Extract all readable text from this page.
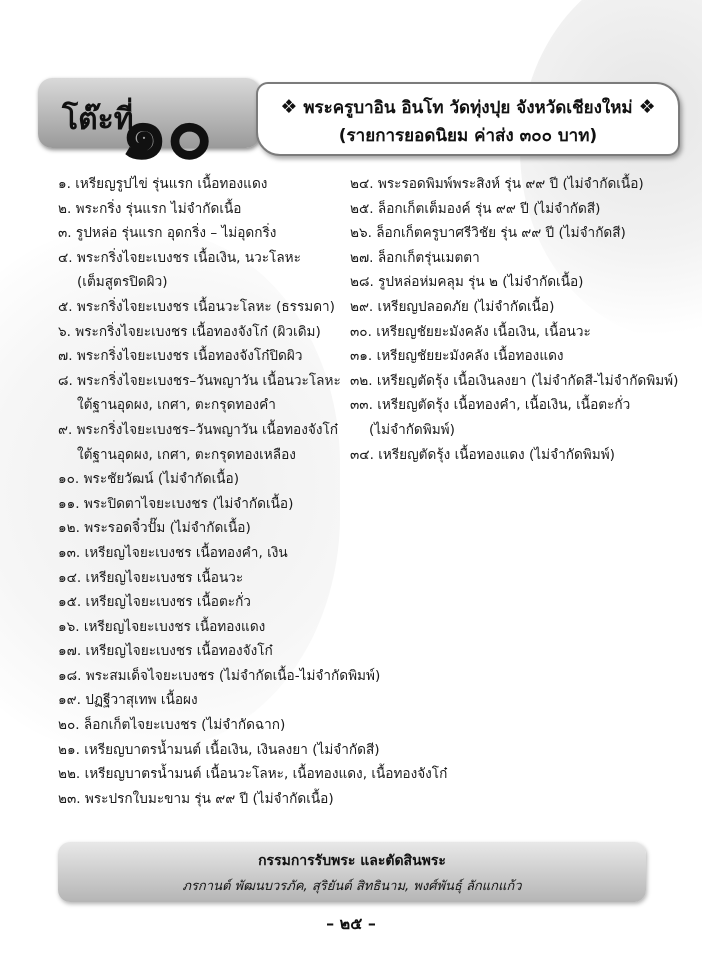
โต๊ะที่
๑๐	❖ พระครูบาอิน อินโท วัดทุ่งปุย จังหวัดเชียงใหม่ ❖
(รายการยอดนิยม ค่าส่ง ๓๐๐ บาท)
๑. เหรียญรูปไข่ รุ่นแรก เนื้อทองแดง
๒. พระกริ่ง รุ่นแรก ไม่จำกัดเนื้อ
๓. รูปหล่อ รุ่นแรก อุดกริ่ง – ไม่อุดกริ่ง
๔. พระกริ่งไจยะเบงชร เนื้อเงิน, นวะโลหะ
(เต็มสูตรปิดผิว)
๕. พระกริ่งไจยะเบงชร เนื้อนวะโลหะ (ธรรมดา)
๖. พระกริ่งไจยะเบงชร เนื้อทองจังโก๋ (ผิวเดิม)
๗. พระกริ่งไจยะเบงชร เนื้อทองจังโก๋ปิดผิว
๘. พระกริ่งไจยะเบงชร–วันพญาวัน เนื้อนวะโลหะ
ใต้ฐานอุดผง, เกศา, ตะกรุดทองคำ
๙. พระกริ่งไจยะเบงชร–วันพญาวัน เนื้อทองจังโก๋
ใต้ฐานอุดผง, เกศา, ตะกรุดทองเหลือง
๑๐. พระชัยวัฒน์ (ไม่จำกัดเนื้อ)
๑๑. พระปิดตาไจยะเบงชร (ไม่จำกัดเนื้อ)
๑๒. พระรอดจิ๋วปั๊ม (ไม่จำกัดเนื้อ)
๑๓. เหรียญไจยะเบงชร เนื้อทองคำ, เงิน
๑๔. เหรียญไจยะเบงชร เนื้อนวะ
๑๕. เหรียญไจยะเบงชร เนื้อตะกั่ว
๑๖. เหรียญไจยะเบงชร เนื้อทองแดง
๑๗. เหรียญไจยะเบงชร เนื้อทองจังโก๋
๑๘. พระสมเด็จไจยะเบงชร (ไม่จำกัดเนื้อ-ไม่จำกัดพิมพ์)
๑๙. ปฏฐีวาสุเทพ เนื้อผง
๒๐. ล็อกเก็ตไจยะเบงชร (ไม่จำกัดฉาก)
๒๑. เหรียญบาตรน้ำมนต์ เนื้อเงิน, เงินลงยา (ไม่จำกัดสี)
๒๒. เหรียญบาตรน้ำมนต์ เนื้อนวะโลหะ, เนื้อทองแดง, เนื้อทองจังโก๋
๒๓. พระปรกใบมะขาม รุ่น ๙๙ ปี (ไม่จำกัดเนื้อ)
๒๔. พระรอดพิมพ์พระสิงห์ รุ่น ๙๙ ปี (ไม่จำกัดเนื้อ)
๒๕. ล็อกเก็ตเต็มองค์ รุ่น ๙๙ ปี (ไม่จำกัดสี)
๒๖. ล็อกเก็ตครูบาศรีวิชัย รุ่น ๙๙ ปี (ไม่จำกัดสี)
๒๗. ล็อกเก็ตรุ่นเมตตา
๒๘. รูปหล่อห่มคลุม รุ่น ๒ (ไม่จำกัดเนื้อ)
๒๙. เหรียญปลอดภัย (ไม่จำกัดเนื้อ)
๓๐. เหรียญชัยยะมังคลัง เนื้อเงิน, เนื้อนวะ
๓๑. เหรียญชัยยะมังคลัง เนื้อทองแดง
๓๒. เหรียญตัดรุ้ง เนื้อเงินลงยา (ไม่จำกัดสี-ไม่จำกัดพิมพ์)
๓๓. เหรียญตัดรุ้ง เนื้อทองคำ, เนื้อเงิน, เนื้อตะกั่ว
(ไม่จำกัดพิมพ์)
๓๔. เหรียญตัดรุ้ง เนื้อทองแดง (ไม่จำกัดพิมพ์)
กรรมการรับพระ และตัดสินพระ
ภรกานต์ พัฒนบวรภัค, สุริยันต์ สิทธินาม, พงศ์พันธุ์ ลักแกแก้ว
– ๒๕ –
